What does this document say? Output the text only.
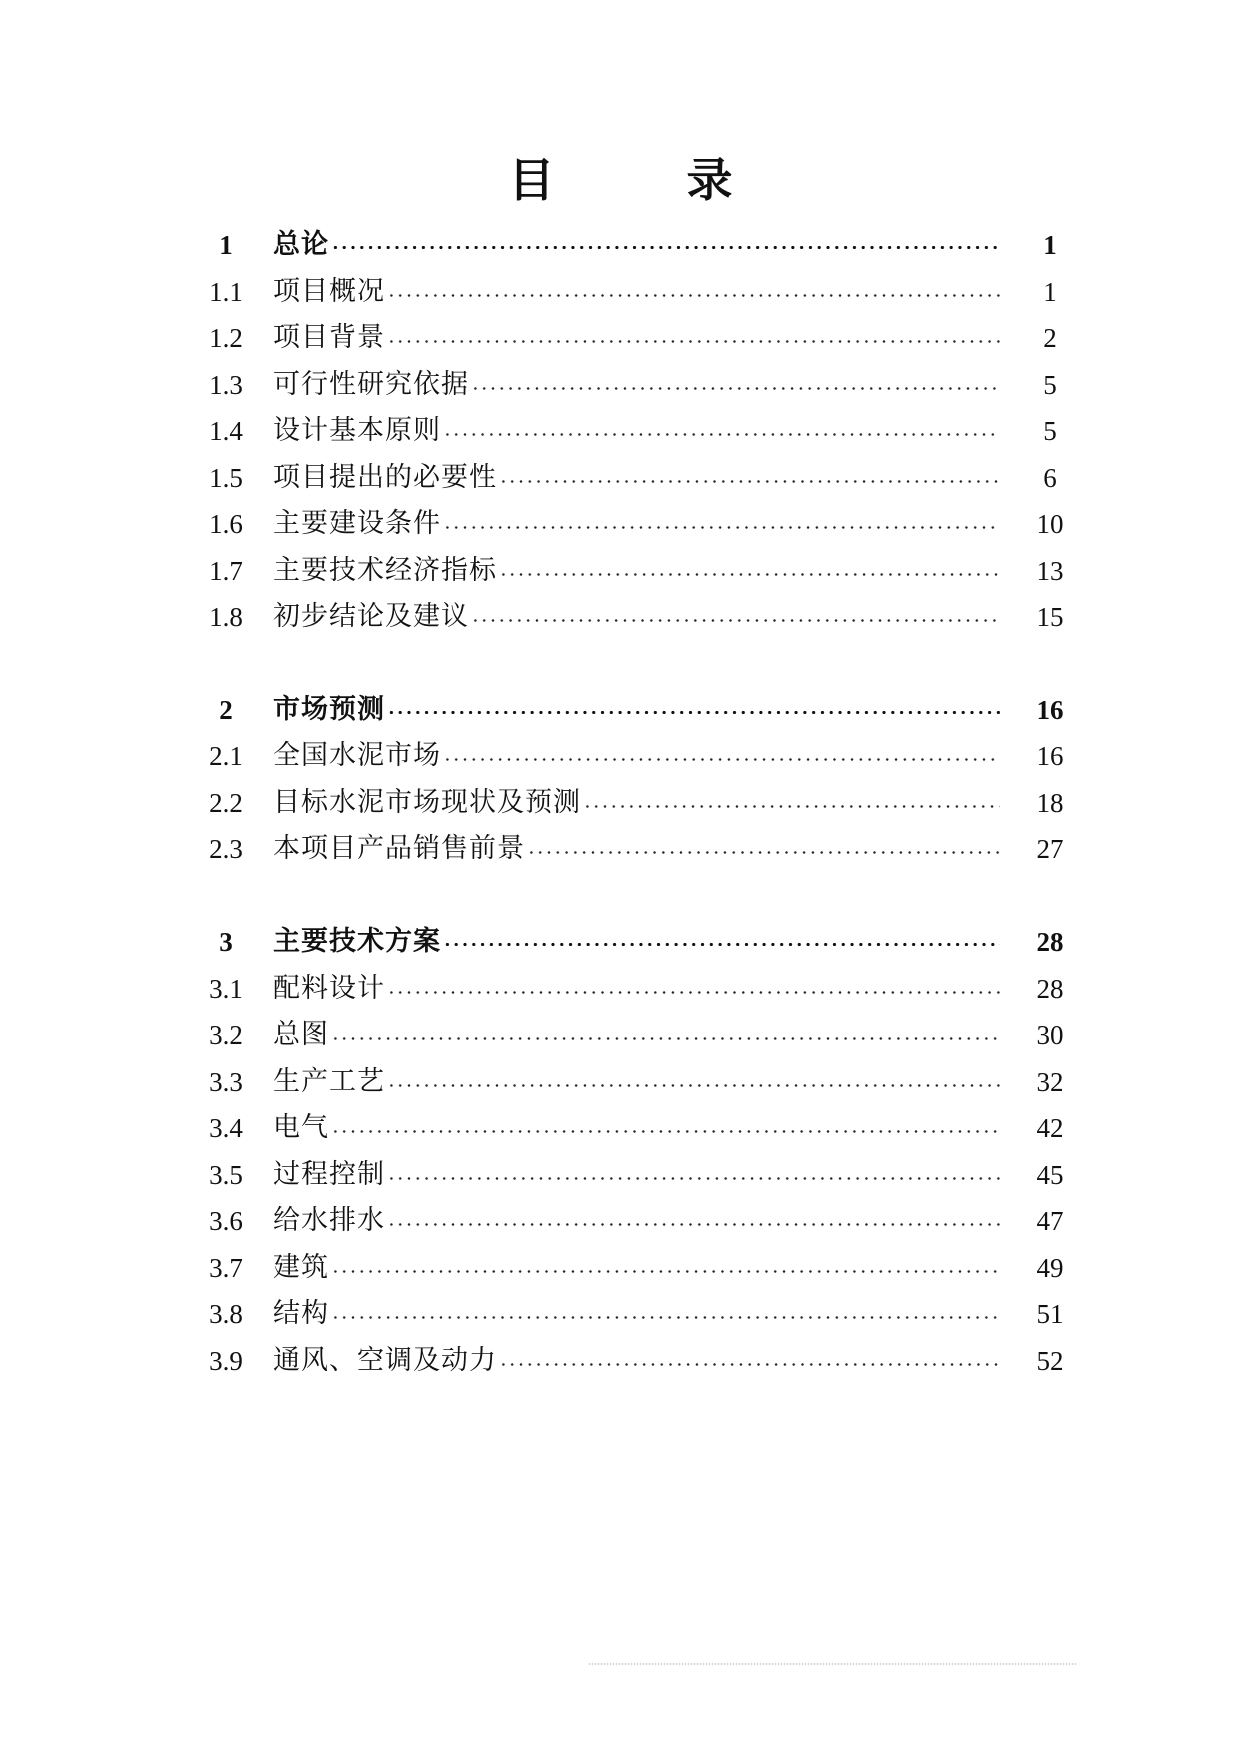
目	录
1	总论	1
1.1	项目概况	1
1.2	项目背景	2
1.3	可行性研究依据	5
1.4	设计基本原则	5
1.5	项目提出的必要性	6
1.6	主要建设条件	10
1.7	主要技术经济指标	13
1.8	初步结论及建议	15
2	市场预测	16
2.1	全国水泥市场	16
2.2	目标水泥市场现状及预测	18
2.3	本项目产品销售前景	27
3	主要技术方案	28
3.1	配料设计	28
3.2	总图	30
3.3	生产工艺	32
3.4	电气	42
3.5	过程控制	45
3.6	给水排水	47
3.7	建筑	49
3.8	结构	51
3.9	通风、空调及动力	52
